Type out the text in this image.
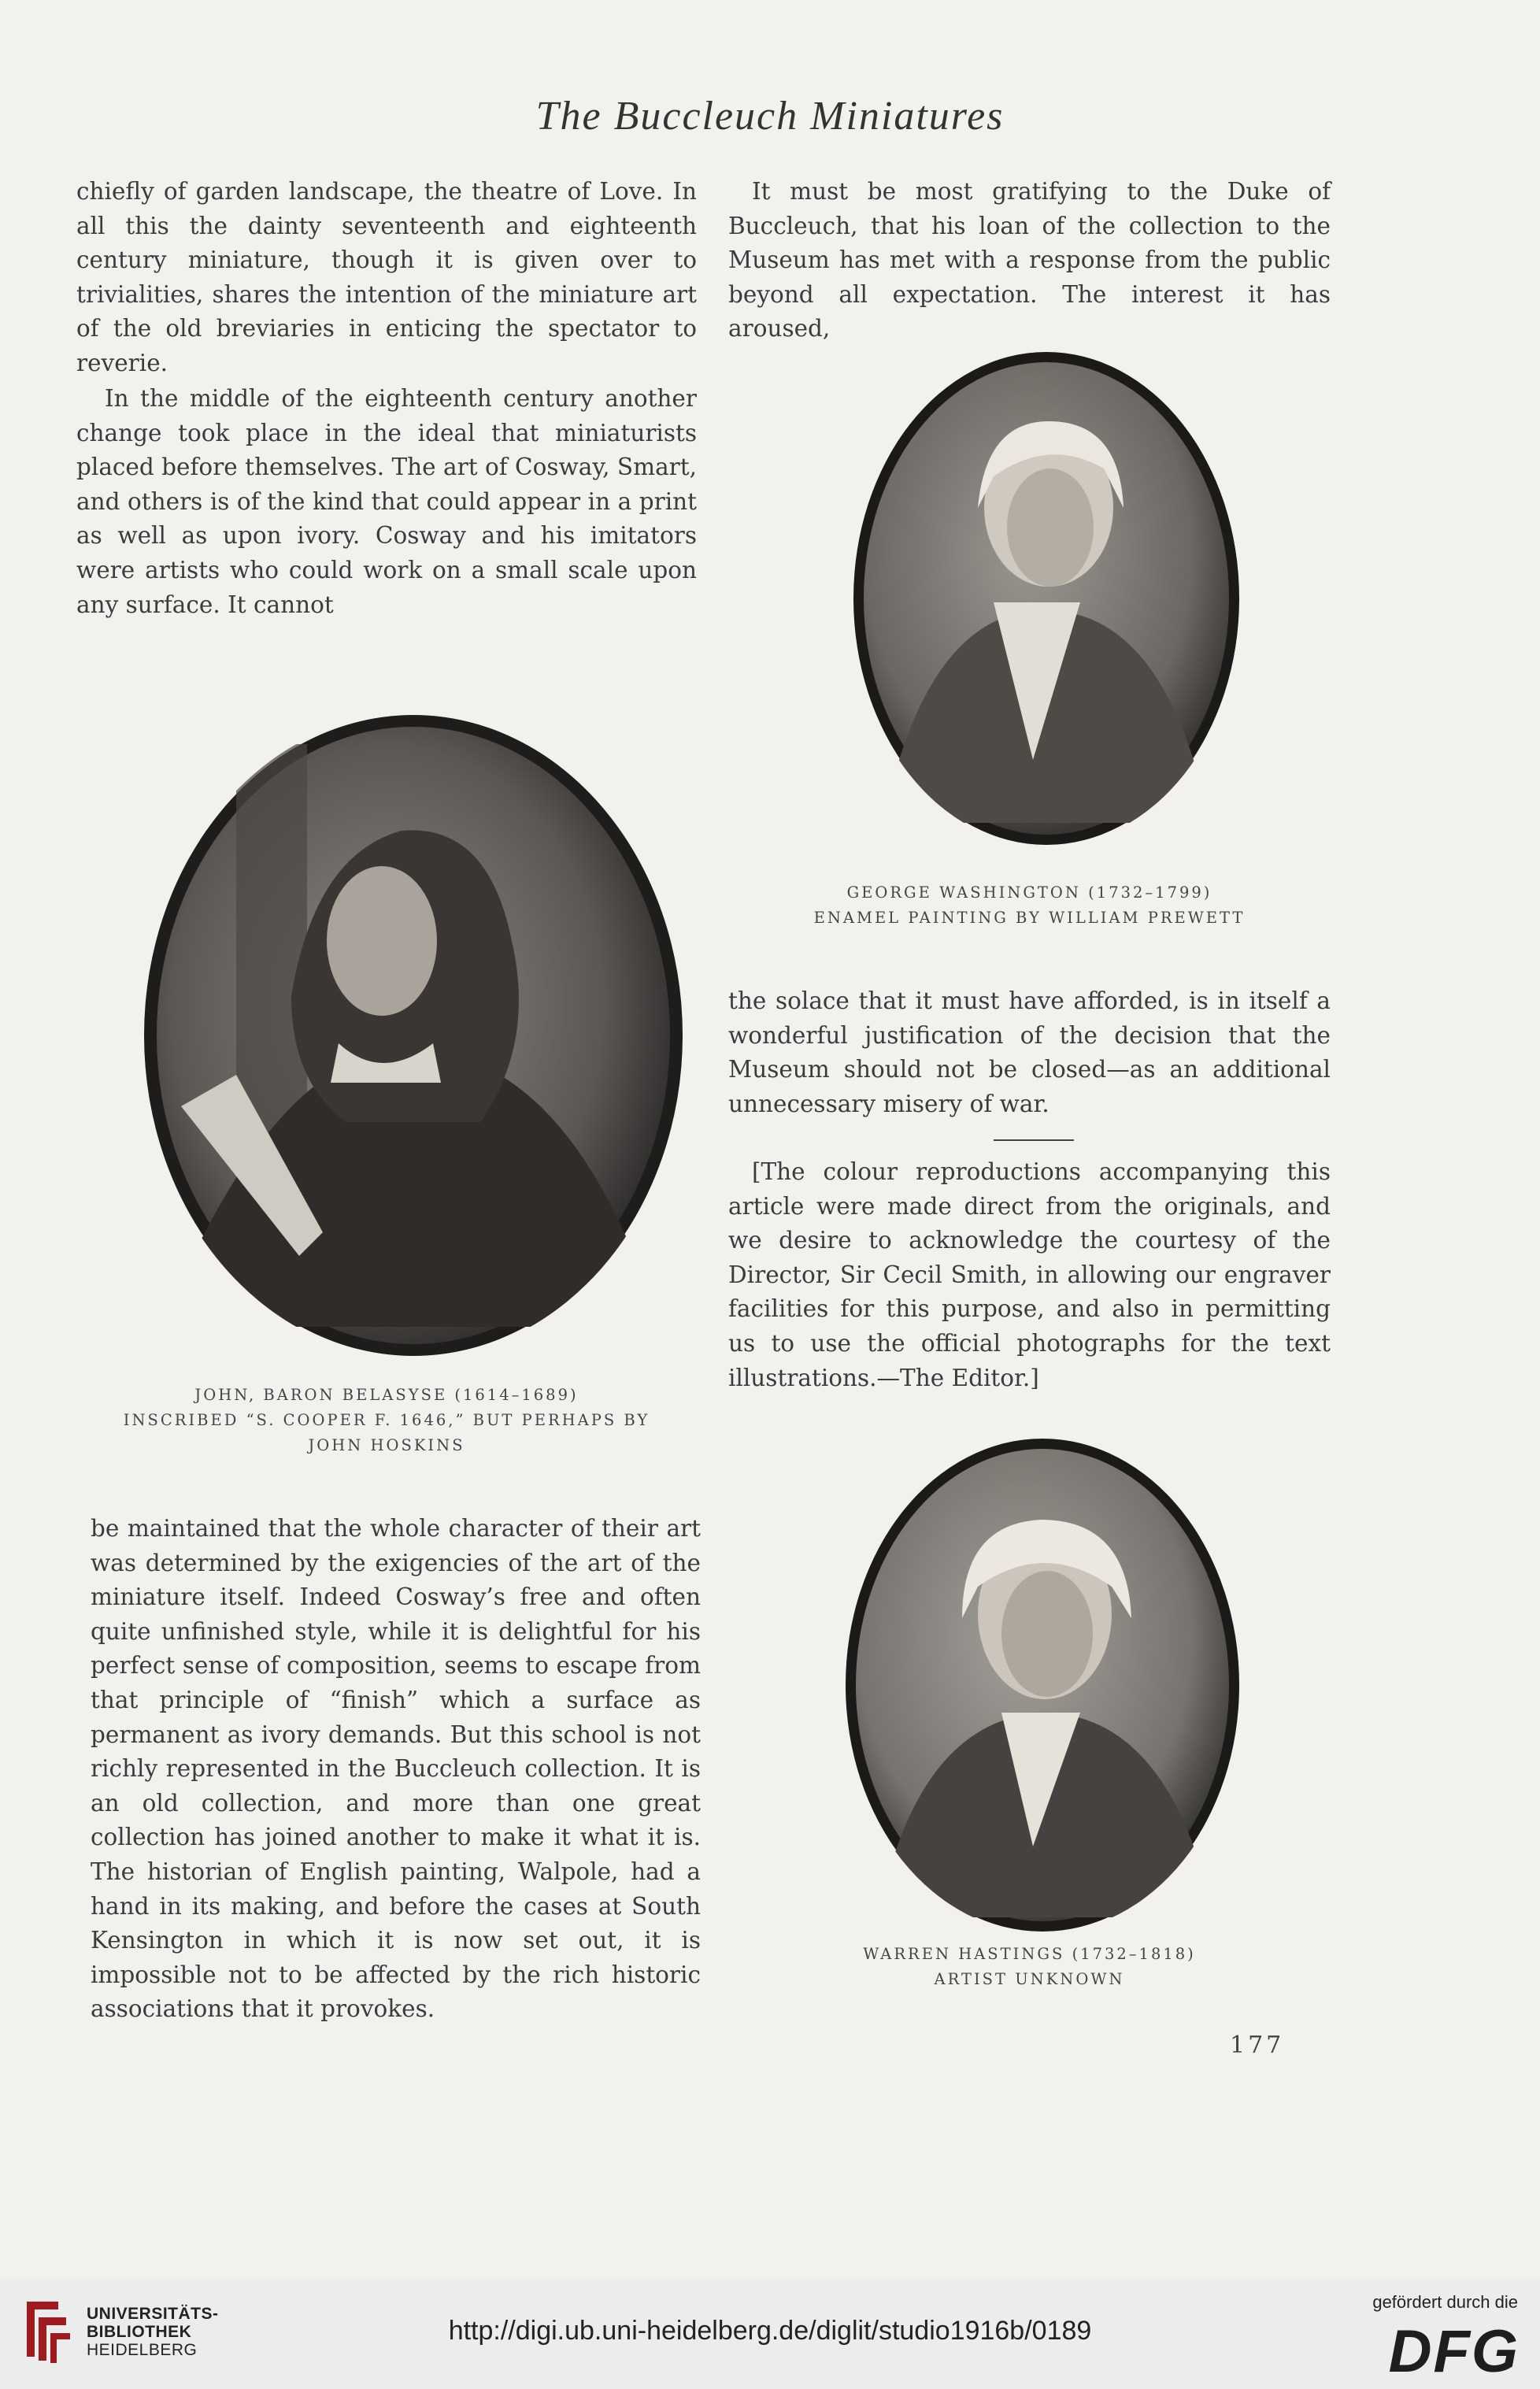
The Buccleuch Miniatures

chiefly of garden landscape, the theatre of Love. In all this the dainty seventeenth and eighteenth century miniature, though it is given over to trivialities, shares the intention of the miniature art of the old breviaries in enticing the spectator to reverie.

In the middle of the eighteenth century another change took place in the ideal that miniaturists placed before themselves. The art of Cosway, Smart, and others is of the kind that could appear in a print as well as upon ivory. Cosway and his imitators were artists who could work on a small scale upon any surface. It cannot

JOHN, BARON BELASYSE (1614–1689)
INSCRIBED “S. COOPER F. 1646,” BUT PERHAPS BY
JOHN HOSKINS

be maintained that the whole character of their art was determined by the exigencies of the art of the miniature itself. Indeed Cosway’s free and often quite unfinished style, while it is delightful for his perfect sense of composition, seems to escape from that principle of “finish” which a surface as permanent as ivory demands. But this school is not richly represented in the Buccleuch collection. It is an old collection, and more than one great collection has joined another to make it what it is. The historian of English painting, Walpole, had a hand in its making, and before the cases at South Kensington in which it is now set out, it is impossible not to be affected by the rich historic associations that it provokes.

It must be most gratifying to the Duke of Buccleuch, that his loan of the collection to the Museum has met with a response from the public beyond all expectation. The interest it has aroused,

GEORGE WASHINGTON (1732–1799)
ENAMEL PAINTING BY WILLIAM PREWETT

the solace that it must have afforded, is in itself a wonderful justification of the decision that the Museum should not be closed—as an additional unnecessary misery of war.

[The colour reproductions accompanying this article were made direct from the originals, and we desire to acknowledge the courtesy of the Director, Sir Cecil Smith, in allowing our engraver facilities for this purpose, and also in permitting us to use the official photographs for the text illustrations.—The Editor.]

WARREN HASTINGS (1732–1818)
ARTIST UNKNOWN
177
UNIVERSITÄTS-
BIBLIOTHEK
HEIDELBERG
http://digi.ub.uni-heidelberg.de/diglit/studio1916b/0189
gefördert durch die
DFG
